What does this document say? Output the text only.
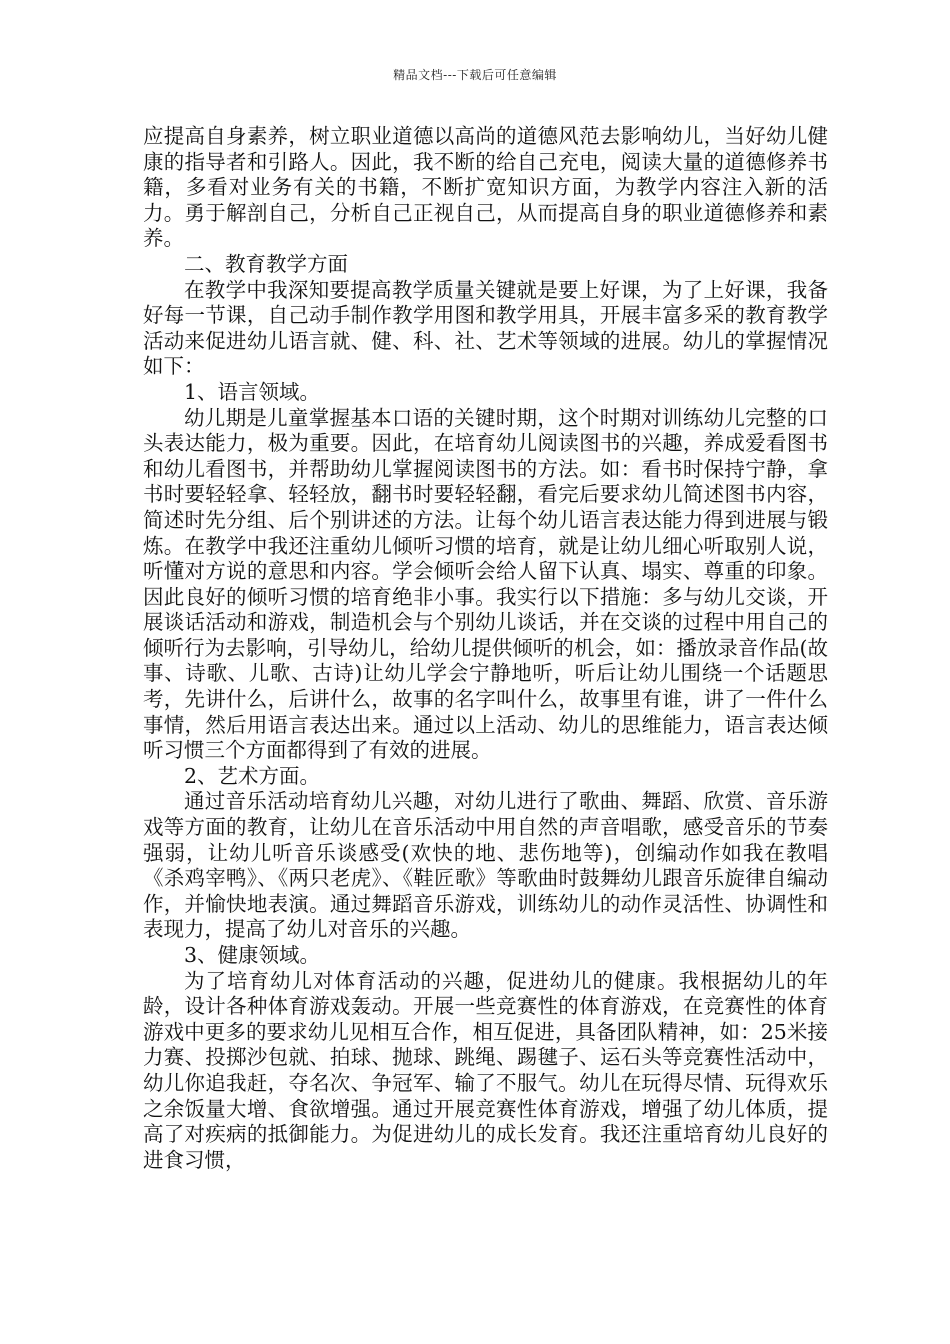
精品文档---下载后可任意编辑

应提高自身素养，树立职业道德以高尚的道德风范去影响幼儿，当好幼儿健康的指导者和引路人。因此，我不断的给自己充电，阅读大量的道德修养书籍，多看对业务有关的书籍，不断扩宽知识方面，为教学内容注入新的活力。勇于解剖自己，分析自己正视自己，从而提高自身的职业道德修养和素养。

二、教育教学方面

在教学中我深知要提高教学质量关键就是要上好课，为了上好课，我备好每一节课，自己动手制作教学用图和教学用具，开展丰富多采的教育教学活动来促进幼儿语言就、健、科、社、艺术等领域的进展。幼儿的掌握情况如下：

1、语言领域。

幼儿期是儿童掌握基本口语的关键时期，这个时期对训练幼儿完整的口头表达能力，极为重要。因此，在培育幼儿阅读图书的兴趣，养成爱看图书和幼儿看图书，并帮助幼儿掌握阅读图书的方法。如：看书时保持宁静，拿书时要轻轻拿、轻轻放，翻书时要轻轻翻，看完后要求幼儿简述图书内容，简述时先分组、后个别讲述的方法。让每个幼儿语言表达能力得到进展与锻炼。在教学中我还注重幼儿倾听习惯的培育，就是让幼儿细心听取别人说，听懂对方说的意思和内容。学会倾听会给人留下认真、塌实、尊重的印象。因此良好的倾听习惯的培育绝非小事。我实行以下措施：多与幼儿交谈，开展谈话活动和游戏，制造机会与个别幼儿谈话，并在交谈的过程中用自己的倾听行为去影响，引导幼儿，给幼儿提供倾听的机会，如：播放录音作品(故事、诗歌、儿歌、古诗)让幼儿学会宁静地听，听后让幼儿围绕一个话题思考，先讲什么，后讲什么，故事的名字叫什么，故事里有谁，讲了一件什么事情，然后用语言表达出来。通过以上活动、幼儿的思维能力，语言表达倾听习惯三个方面都得到了有效的进展。

2、艺术方面。

通过音乐活动培育幼儿兴趣，对幼儿进行了歌曲、舞蹈、欣赏、音乐游戏等方面的教育，让幼儿在音乐活动中用自然的声音唱歌，感受音乐的节奏强弱，让幼儿听音乐谈感受(欢快的地、悲伤地等)，创编动作如我在教唱《杀鸡宰鸭》、《两只老虎》、《鞋匠歌》等歌曲时鼓舞幼儿跟音乐旋律自编动作，并愉快地表演。通过舞蹈音乐游戏，训练幼儿的动作灵活性、协调性和表现力，提高了幼儿对音乐的兴趣。

3、健康领域。

为了培育幼儿对体育活动的兴趣，促进幼儿的健康。我根据幼儿的年龄，设计各种体育游戏轰动。开展一些竞赛性的体育游戏，在竞赛性的体育游戏中更多的要求幼儿见相互合作，相互促进，具备团队精神，如：25米接力赛、投掷沙包就、拍球、抛球、跳绳、踢毽子、运石头等竞赛性活动中，幼儿你追我赶，夺名次、争冠军、输了不服气。幼儿在玩得尽情、玩得欢乐之余饭量大增、食欲增强。通过开展竞赛性体育游戏，增强了幼儿体质，提高了对疾病的抵御能力。为促进幼儿的成长发育。我还注重培育幼儿良好的进食习惯，
